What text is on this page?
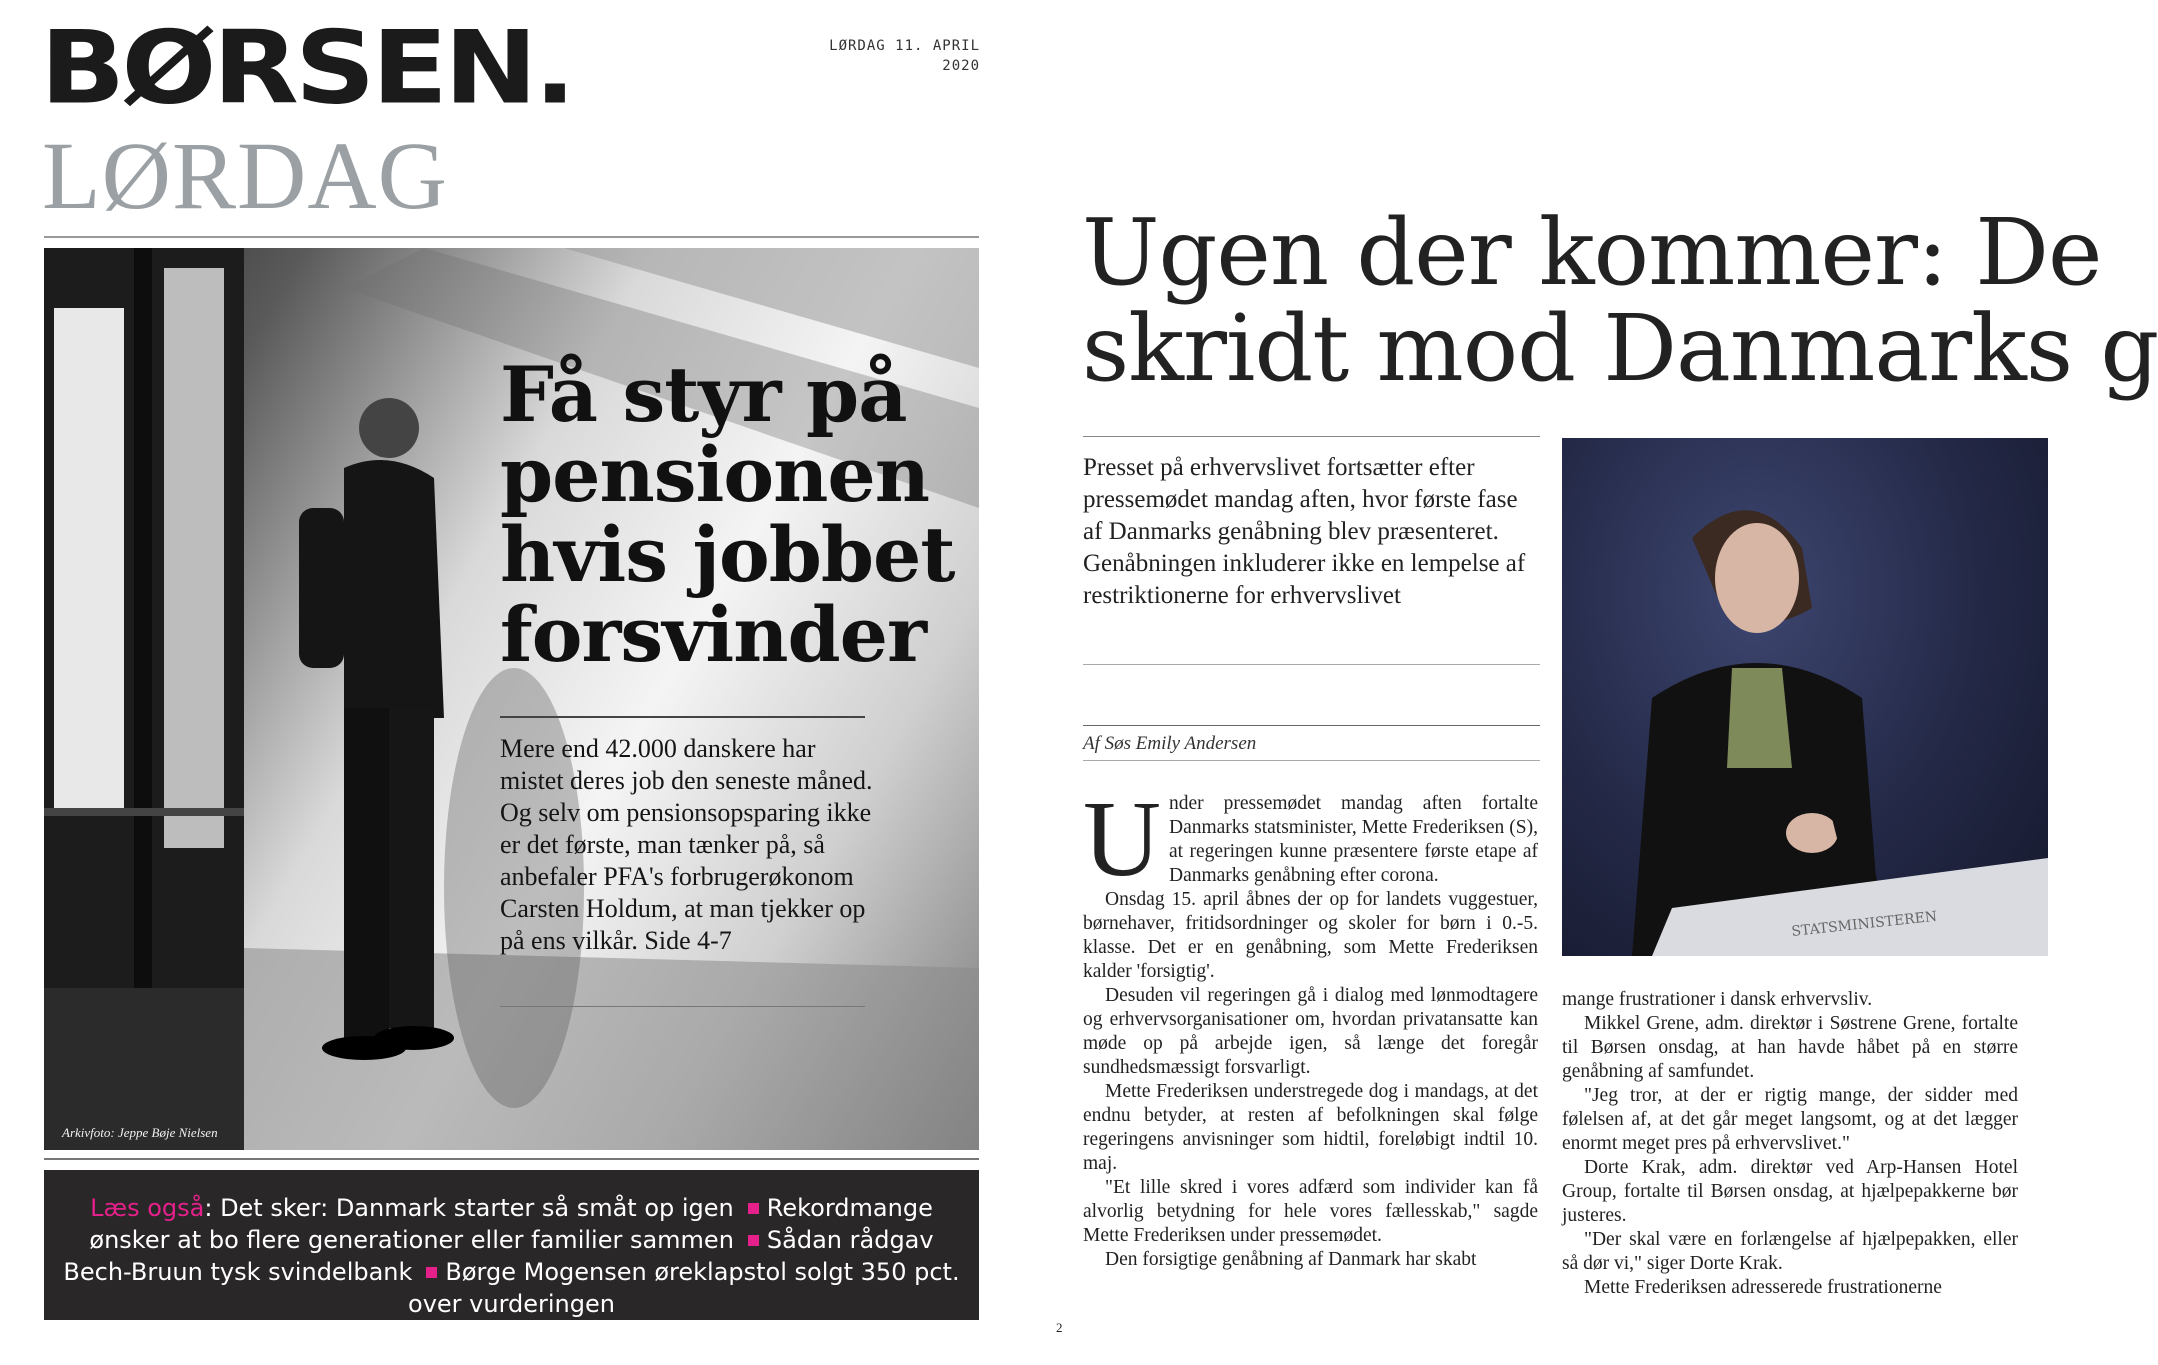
BØRSEN.
LØRDAG
LØRDAG 11. APRIL
2020
Få styr på pensionen hvis jobbet forsvinder
Mere end 42.000 danskere har mistet deres job den seneste måned. Og selv om pensionsopsparing ikke er det første, man tænker på, så anbefaler PFA's forbrugerøkonom Carsten Holdum, at man tjekker op på ens vilkår. Side 4-7
Arkivfoto: Jeppe Bøje Nielsen
Læs også: Det sker: Danmark starter så småt op igen Rekordmange ønsker at bo flere generationer eller familier sammen Sådan rådgav Bech-Bruun tysk svindelbank Børge Mogensen øreklapstol solgt 350 pct. over vurderingen
Ugen der kommer: De
skridt mod Danmarks g
Presset på erhvervslivet fortsætter efter pressemødet mandag aften, hvor første fase af Danmarks genåbning blev præsenteret. Genåbningen inkluderer ikke en lempelse af restriktionerne for erhvervslivet
Af Søs Emily Andersen

Under pressemødet mandag aften fortalte Danmarks statsminister, Mette Frederiksen (S), at regeringen kunne præsentere første etape af Danmarks genåbning efter corona.

Onsdag 15. april åbnes der op for landets vuggestuer, børnehaver, fritidsordninger og skoler for børn i 0.-5. klasse. Det er en genåbning, som Mette Frederiksen kalder 'forsigtig'.

Desuden vil regeringen gå i dialog med lønmodtagere og erhvervsorganisationer om, hvordan privatansatte kan møde op på arbejde igen, så længe det foregår sundhedsmæssigt forsvarligt.

Mette Frederiksen understregede dog i mandags, at det endnu betyder, at resten af befolkningen skal følge regeringens anvisninger som hidtil, foreløbigt indtil 10. maj.

"Et lille skred i vores adfærd som individer kan få alvorlig betydning for hele vores fællesskab," sagde Mette Frederiksen under pressemødet.

Den forsigtige genåbning af Danmark har skabt

STATSMINISTEREN

mange frustrationer i dansk erhvervsliv.

Mikkel Grene, adm. direktør i Søstrene Grene, fortalte til Børsen onsdag, at han havde håbet på en større genåbning af samfundet.

"Jeg tror, at der er rigtig mange, der sidder med følelsen af, at det går meget langsomt, og at det lægger enormt meget pres på erhvervslivet."

Dorte Krak, adm. direktør ved Arp-Hansen Hotel Group, fortalte til Børsen onsdag, at hjælpepakkerne bør justeres.

"Der skal være en forlængelse af hjælpepakken, eller så dør vi," siger Dorte Krak.

Mette Frederiksen adresserede frustrationerne

2
